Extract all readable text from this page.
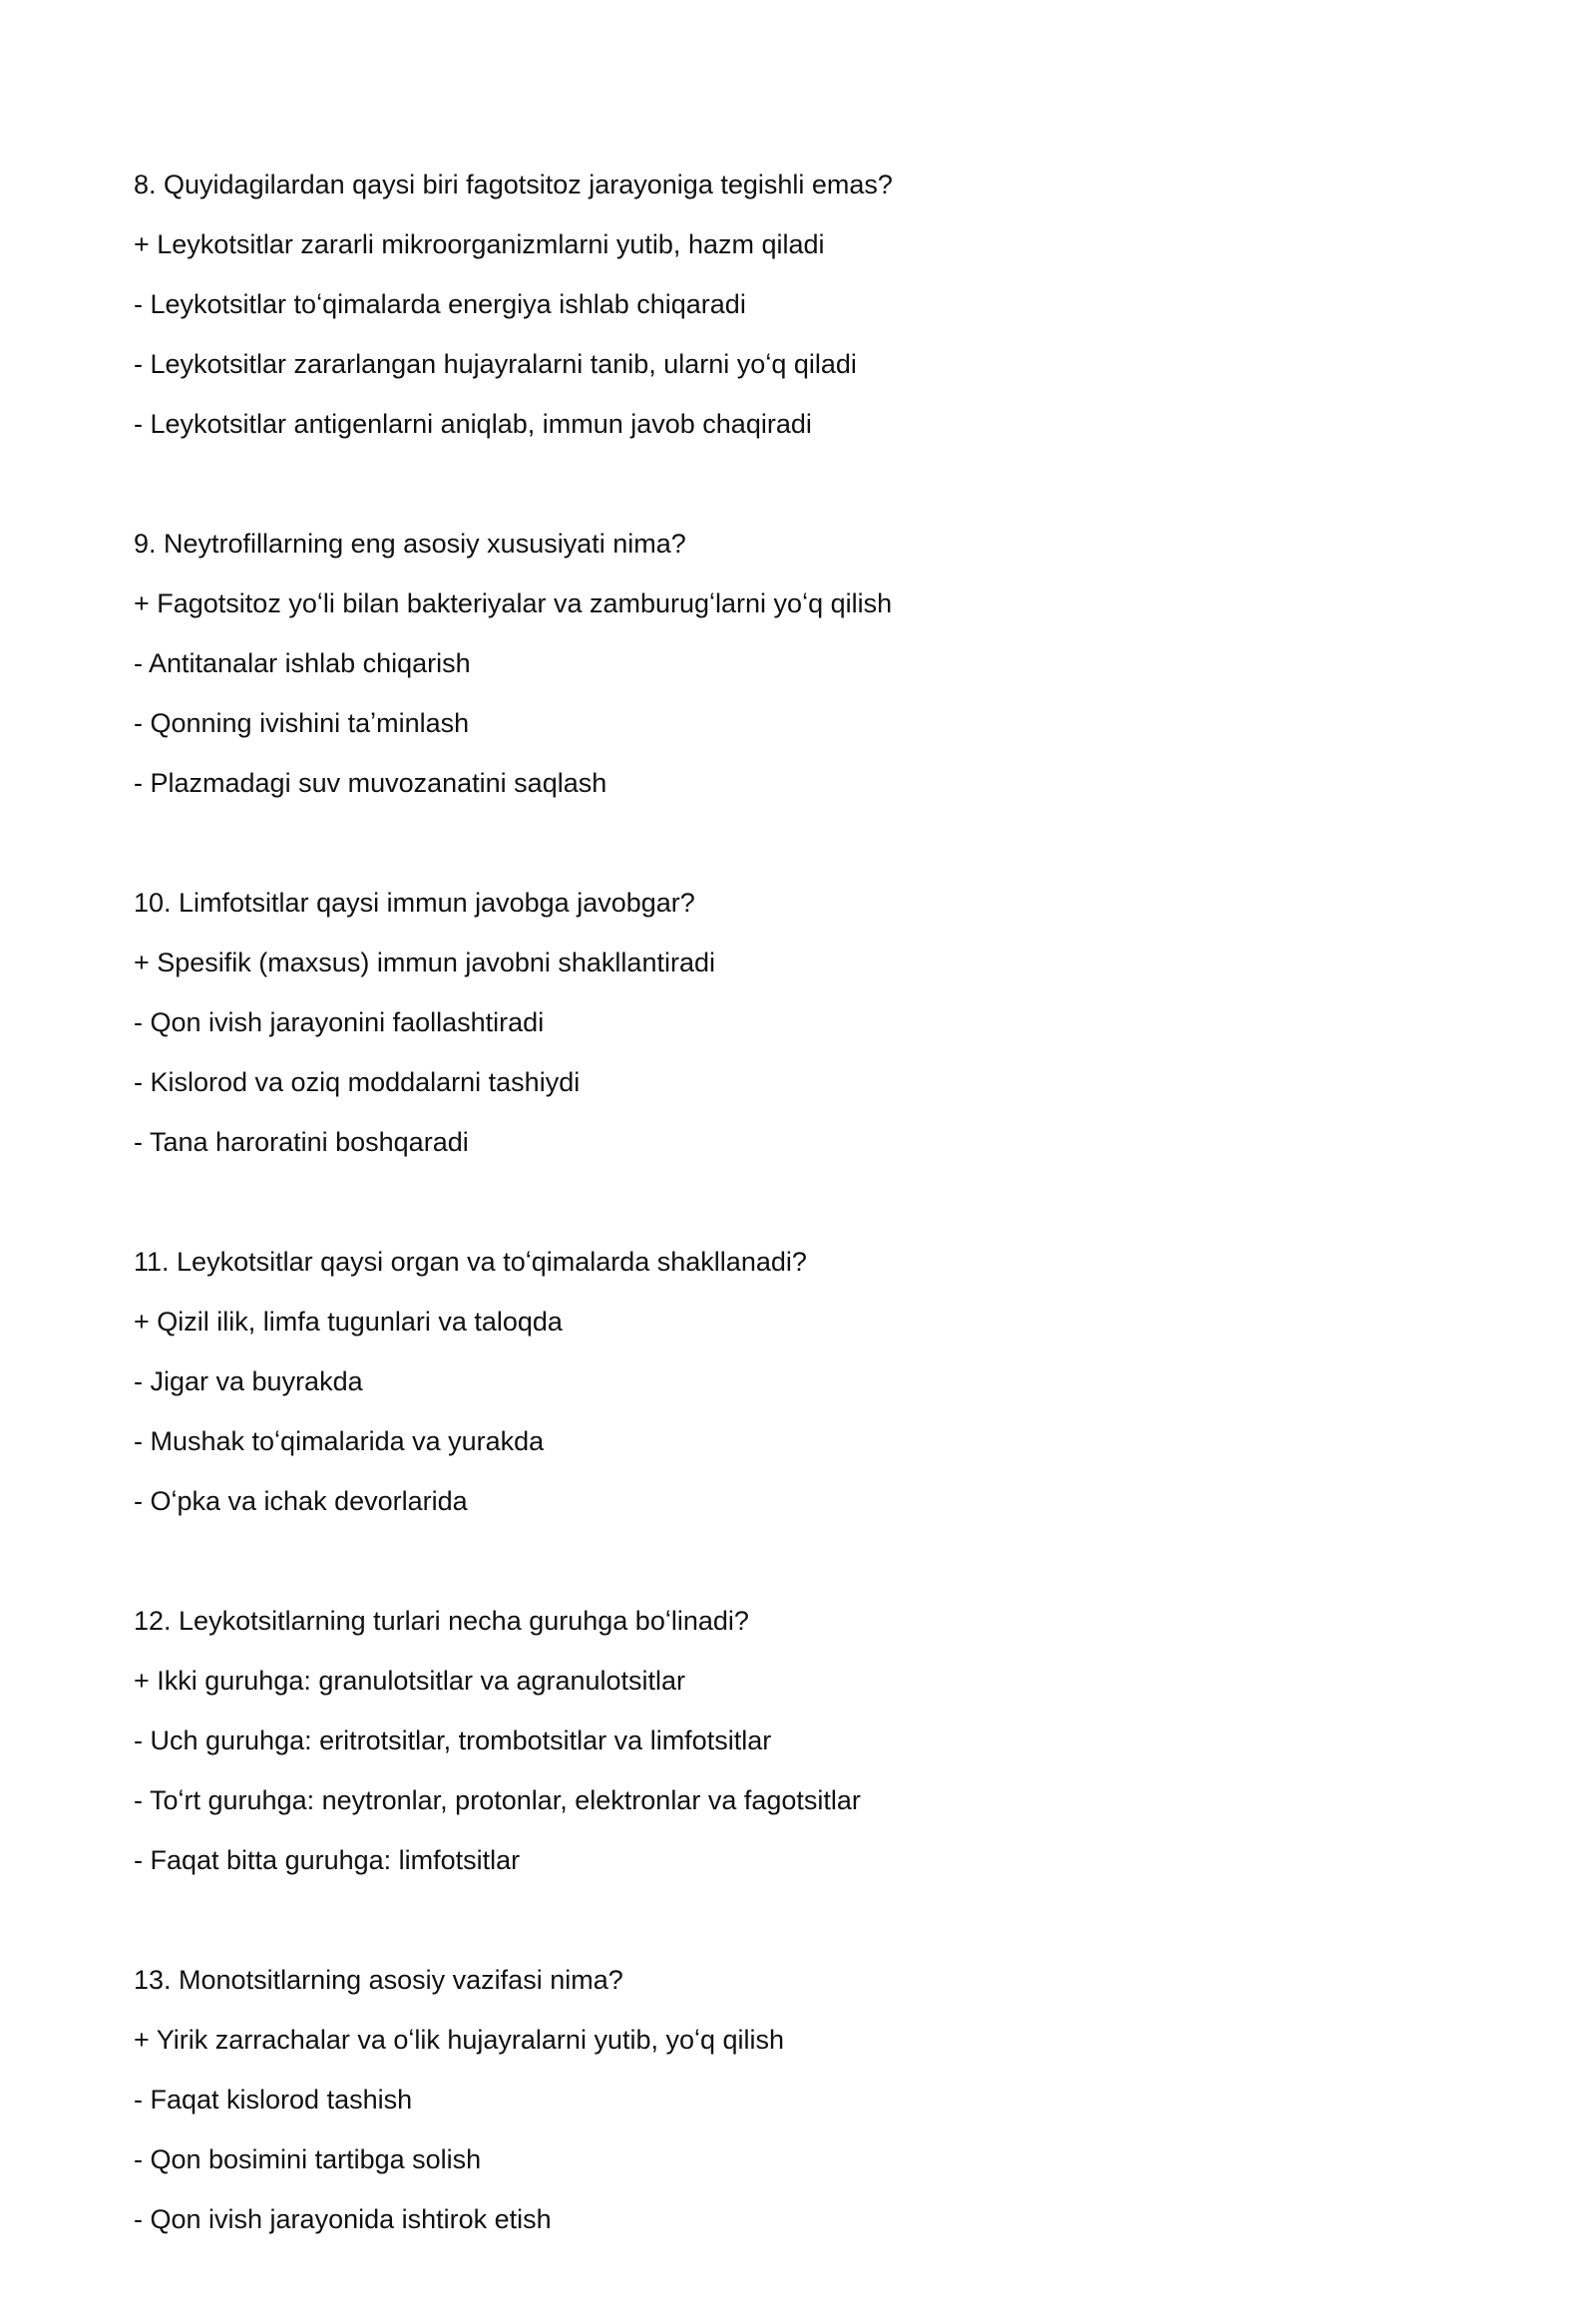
8. Quyidagilardan qaysi biri fagotsitoz jarayoniga tegishli emas?
+ Leykotsitlar zararli mikroorganizmlarni yutib, hazm qiladi
- Leykotsitlar toʻqimalarda energiya ishlab chiqaradi
- Leykotsitlar zararlangan hujayralarni tanib, ularni yoʻq qiladi
- Leykotsitlar antigenlarni aniqlab, immun javob chaqiradi
9. Neytrofillarning eng asosiy xususiyati nima?
+ Fagotsitoz yoʻli bilan bakteriyalar va zamburugʻlarni yoʻq qilish
- Antitanalar ishlab chiqarish
- Qonning ivishini taʼminlash
- Plazmadagi suv muvozanatini saqlash
10. Limfotsitlar qaysi immun javobga javobgar?
+ Spesifik (maxsus) immun javobni shakllantiradi
- Qon ivish jarayonini faollashtiradi
- Kislorod va oziq moddalarni tashiydi
- Tana haroratini boshqaradi
11. Leykotsitlar qaysi organ va toʻqimalarda shakllanadi?
+ Qizil ilik, limfa tugunlari va taloqda
- Jigar va buyrakda
- Mushak toʻqimalarida va yurakda
- Oʻpka va ichak devorlarida
12. Leykotsitlarning turlari necha guruhga boʻlinadi?
+ Ikki guruhga: granulotsitlar va agranulotsitlar
- Uch guruhga: eritrotsitlar, trombotsitlar va limfotsitlar
- Toʻrt guruhga: neytronlar, protonlar, elektronlar va fagotsitlar
- Faqat bitta guruhga: limfotsitlar
13. Monotsitlarning asosiy vazifasi nima?
+ Yirik zarrachalar va oʻlik hujayralarni yutib, yoʻq qilish
- Faqat kislorod tashish
- Qon bosimini tartibga solish
- Qon ivish jarayonida ishtirok etish
